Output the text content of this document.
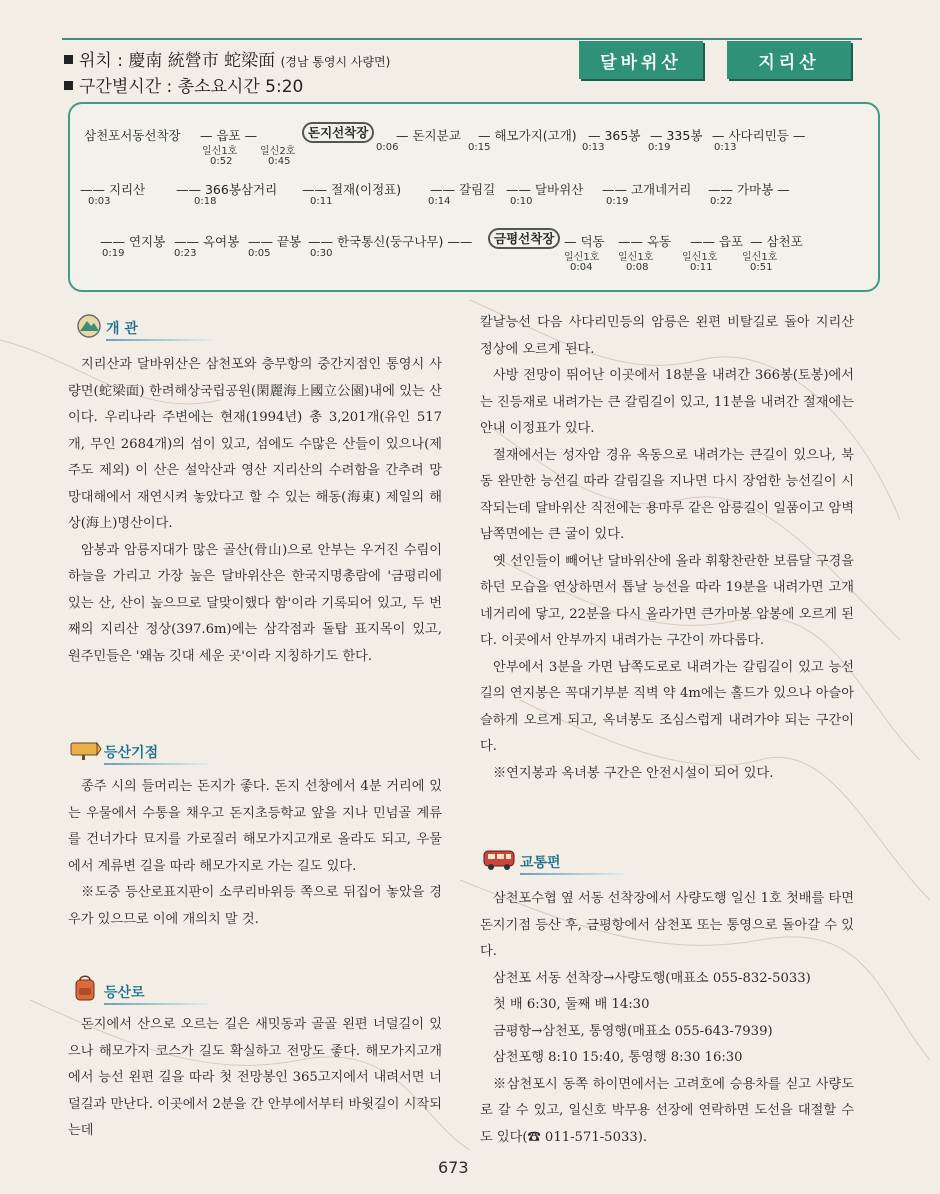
위치 : 慶南 統營市 蛇梁面 (경남 통영시 사량면)
구간별시간 : 총소요시간 5:20
달바위산	지리산
삼천포서동선착장 — 읍포 —	돈지선착장	— 돈지분교 — 해모가지(고개) — 365봉 — 335봉 — 사다리민등 —
일신1호
0:52
일신2호
0:45
0:06	0:15	0:13	0:19	0:13
—— 지리산 —— 366봉삼거리 —— 절재(이정표) —— 갈림길 —— 달바위산 —— 고개네거리 —— 가마봉 —
0:03	0:18	0:11	0:14	0:10	0:19	0:22
—— 연지봉 —— 옥여봉 —— 끝봉 —— 한국통신(둥구나무) ——	금평선착장 — 덕동 —— 옥동 —— 읍포 — 삼천포
0:19	0:23	0:05	0:30	일신1호
0:04
일신1호
0:08
일신1호
0:11
일신1호
0:51
개 관

지리산과 달바위산은 삼천포와 충무항의 중간지점인 통영시 사량면(蛇梁面) 한려해상국립공원(閑麗海上國立公園)내에 있는 산이다. 우리나라 주변에는 현재(1994년) 총 3,201개(유인 517개, 무인 2684개)의 섬이 있고, 섬에도 수많은 산들이 있으나(제주도 제외) 이 산은 설악산과 영산 지리산의 수려함을 간추려 망망대해에서 재연시켜 놓았다고 할 수 있는 해동(海東) 제일의 해상(海上)명산이다.

암봉과 암릉지대가 많은 골산(骨山)으로 안부는 우거진 수림이 하늘을 가리고 가장 높은 달바위산은 한국지명총람에 '금평리에 있는 산, 산이 높으므로 달맞이했다 함'이라 기록되어 있고, 두 번째의 지리산 정상(397.6m)에는 삼각점과 돌탑 표지목이 있고, 원주민들은 '왜놈 깃대 세운 곳'이라 지칭하기도 한다.

등산기점

종주 시의 들머리는 돈지가 좋다. 돈지 선창에서 4분 거리에 있는 우물에서 수통을 채우고 돈지초등학교 앞을 지나 민넘골 계류를 건너가다 묘지를 가로질러 해모가지고개로 올라도 되고, 우물에서 계류변 길을 따라 해모가지로 가는 길도 있다.

※도중 등산로표지판이 소쿠리바위등 쪽으로 뒤집어 놓았을 경우가 있으므로 이에 개의치 말 것.

등산로

돈지에서 산으로 오르는 길은 새밋동과 골골 왼편 너덜길이 있으나 해모가지 코스가 길도 확실하고 전망도 좋다. 해모가지고개에서 능선 왼편 길을 따라 첫 전망봉인 365고지에서 내려서면 너덜길과 만난다. 이곳에서 2분을 간 안부에서부터 바윗길이 시작되는데

칼날능선 다음 사다리민등의 암릉은 왼편 비탈길로 돌아 지리산 정상에 오르게 된다.

사방 전망이 뛰어난 이곳에서 18분을 내려간 366봉(토봉)에서는 진등재로 내려가는 큰 갈림길이 있고, 11분을 내려간 절재에는 안내 이정표가 있다.

절재에서는 성자암 경유 옥동으로 내려가는 큰길이 있으나, 북동 완만한 능선길 따라 갈림길을 지나면 다시 장엄한 능선길이 시작되는데 달바위산 직전에는 용마루 같은 암릉길이 일품이고 암벽 남쪽면에는 큰 굴이 있다.

옛 선인들이 빼어난 달바위산에 올라 휘황찬란한 보름달 구경을 하던 모습을 연상하면서 톱날 능선을 따라 19분을 내려가면 고개네거리에 닿고, 22분을 다시 올라가면 큰가마봉 암봉에 오르게 된다. 이곳에서 안부까지 내려가는 구간이 까다롭다.

안부에서 3분을 가면 남쪽도로로 내려가는 갈림길이 있고 능선길의 연지봉은 꼭대기부분 직벽 약 4m에는 홀드가 있으나 아슬아슬하게 오르게 되고, 옥녀봉도 조심스럽게 내려가야 되는 구간이다.

※연지봉과 옥녀봉 구간은 안전시설이 되어 있다.

교통편

삼천포수협 옆 서동 선착장에서 사량도행 일신 1호 첫배를 타면 돈지기점 등산 후, 금평항에서 삼천포 또는 통영으로 돌아갈 수 있다.

삼천포 서동 선착장→사량도행(매표소 055-832-5033)

첫 배 6:30, 둘째 배 14:30

금평항→삼천포, 통영행(매표소 055-643-7939)

삼천포행 8:10 15:40, 통영행 8:30 16:30

※삼천포시 동쪽 하이면에서는 고려호에 승용차를 싣고 사량도로 갈 수 있고, 일신호 박무용 선장에 연락하면 도선을 대절할 수도 있다(☎ 011-571-5033).

673
